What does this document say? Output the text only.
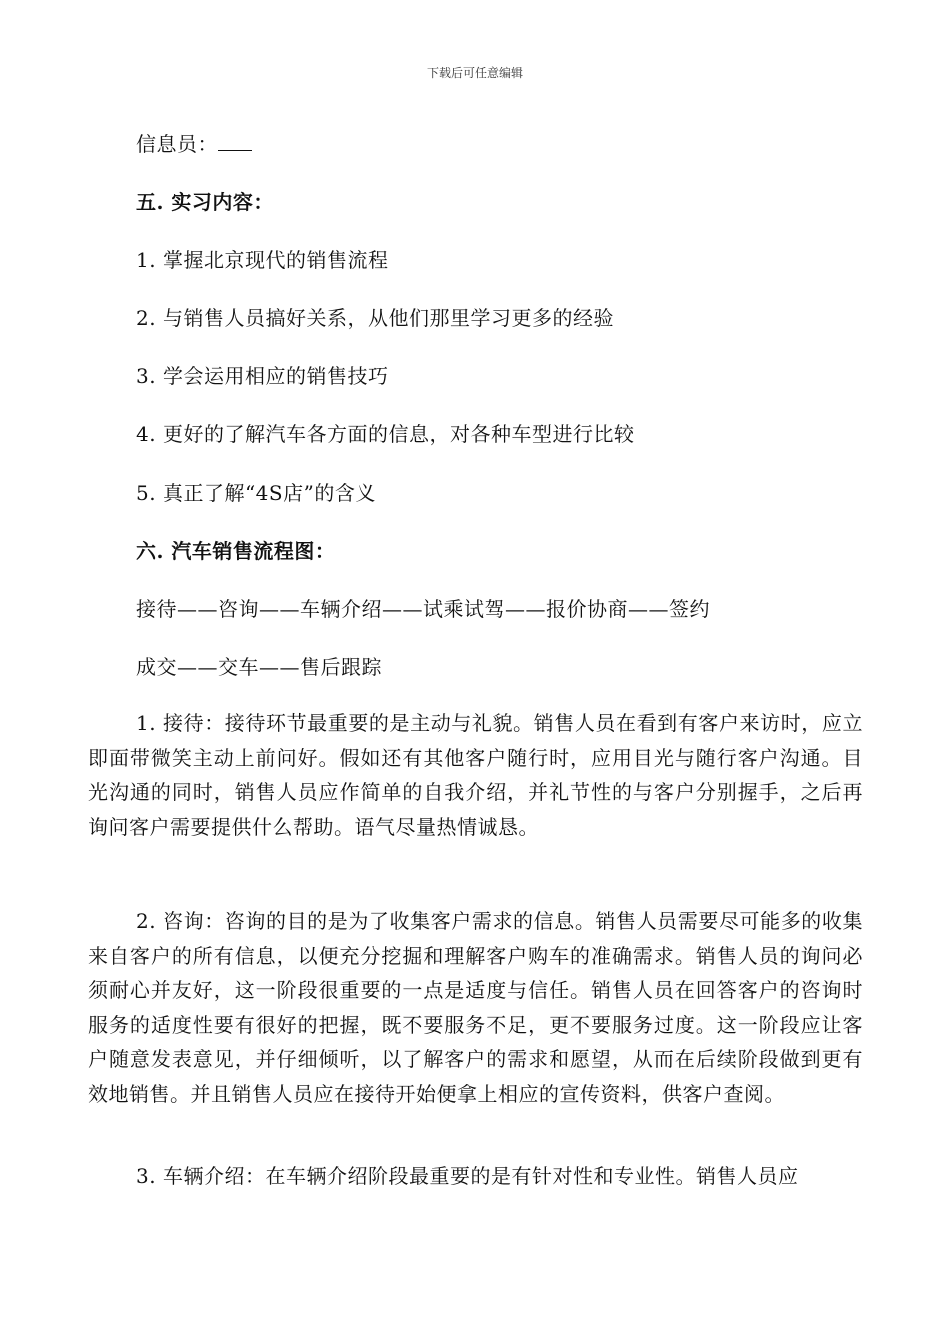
下载后可任意编辑
信息员：
五. 实习内容：
1. 掌握北京现代的销售流程
2. 与销售人员搞好关系，从他们那里学习更多的经验
3. 学会运用相应的销售技巧
4. 更好的了解汽车各方面的信息，对各种车型进行比较
5. 真正了解“4S店”的含义
六. 汽车销售流程图：
接待——咨询——车辆介绍——试乘试驾——报价协商——签约
成交——交车——售后跟踪
1. 接待：接待环节最重要的是主动与礼貌。销售人员在看到有客户来访时，应立即面带微笑主动上前问好。假如还有其他客户随行时，应用目光与随行客户沟通。目光沟通的同时，销售人员应作简单的自我介绍，并礼节性的与客户分别握手，之后再询问客户需要提供什么帮助。语气尽量热情诚恳。
2. 咨询：咨询的目的是为了收集客户需求的信息。销售人员需要尽可能多的收集来自客户的所有信息，以便充分挖掘和理解客户购车的准确需求。销售人员的询问必须耐心并友好，这一阶段很重要的一点是适度与信任。销售人员在回答客户的咨询时服务的适度性要有很好的把握，既不要服务不足，更不要服务过度。这一阶段应让客户随意发表意见，并仔细倾听，以了解客户的需求和愿望，从而在后续阶段做到更有效地销售。并且销售人员应在接待开始便拿上相应的宣传资料，供客户查阅。
3. 车辆介绍：在车辆介绍阶段最重要的是有针对性和专业性。销售人员应
